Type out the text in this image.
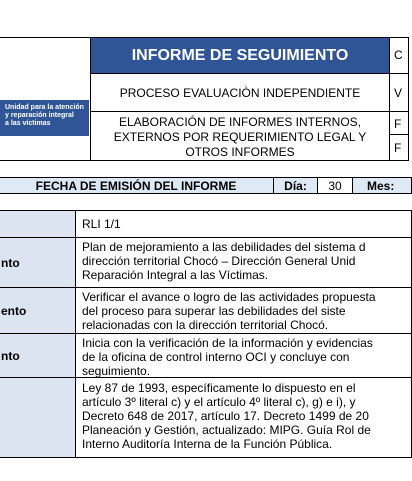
Unidad para la atención
y reparación integral
a las víctimas
INFORME DE SEGUIMIENTO
PROCESO EVALUACIÒN INDEPENDIENTE
ELABORACIÓN DE INFORMES INTERNOS,
EXTERNOS POR REQUERIMIENTO LEGAL Y
OTROS INFORMES
C
V
F
F
FECHA DE EMISIÓN DEL INFORME	Día: 30	Mes:
RLI 1/1
nto
Plan de mejoramiento a las debilidades del sistema d
dirección territorial Chocó – Dirección General Unid
Reparación Integral a las Víctimas.
ento
Verificar el avance o logro de las actividades propuesta
del proceso para superar las debilidades del siste
relacionadas con la dirección territorial Chocó.
nto
Inicia con la verificación de la información y evidencias
de la oficina de control interno OCI y concluye con
seguimiento.
Ley 87 de 1993, específicamente lo dispuesto en el
artículo 3º literal c) y el artículo 4º literal c), g) e i), y
Decreto 648 de 2017, artículo 17. Decreto 1499 de 20
Planeación y Gestión, actualizado: MIPG. Guía Rol de
Interno Auditoría Interna de la Función Pública.
